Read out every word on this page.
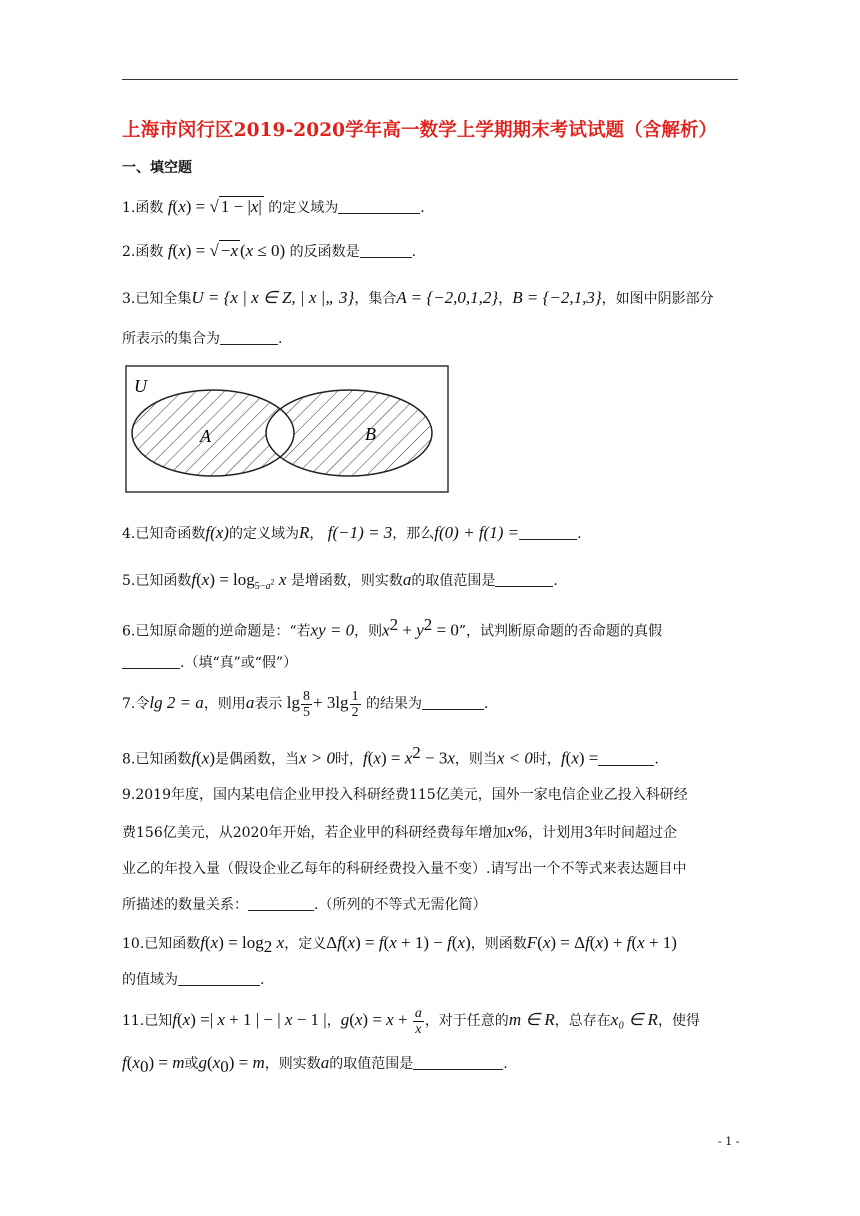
上海市闵行区2019-2020学年高一数学上学期期末考试试题（含解析）
一、填空题
1.函数 f(x) = √ 1 − |x| 的定义域为	.
2.函数 f(x) = √ −x (x ≤ 0) 的反函数是	.
3.已知全集U = {x | x ∈ Z, | x |„ 3}，集合A = {−2,0,1,2}，B = {−2,1,3}，如图中阴影部分
所表示的集合为	.
U
A	B
4.已知奇函数f(x)的定义域为R， f(−1) = 3，那么f(0) + f(1) =	.
5.已知函数$f(x) = \log_{5-a^2} x$ 是增函数，则实数a的取值范围是	.
6.已知原命题的逆命题是：“若xy = 0，则$x^2 + y^2 = 0$”，试判断原命题的否命题的真假
.（填“真”或“假”）
7.令lg 2 = a，则用a表示 $\lg \frac{8}{5} + 3\lg \frac{1}{2}$ 的结果为	.
8.已知函数f(x)是偶函数，当x > 0时，$f(x) = x^2 - 3x$，则当x < 0时，f(x) =	.
9.2019年度，国内某电信企业甲投入科研经费115亿美元，国外一家电信企业乙投入科研经
费156亿美元，从2020年开始，若企业甲的科研经费每年增加x%，计划用3年时间超过企
业乙的年投入量（假设企业乙每年的科研经费投入量不变）.请写出一个不等式来表达题目中
所描述的数量关系：	.（所列的不等式无需化简）
10.已知函数$f(x) = \log_2 x$，定义Δf(x) = f(x + 1) − f(x)，则函数F(x) = Δf(x) + f(x + 1)
的值域为	.
11.已知f(x) =| x + 1 | − | x − 1 |，$g(x) = x + \frac{a}{x}$ ，对于任意的m ∈ R，总存在x₀ ∈ R，使得
$f(x_0) = m$或$g(x_0) = m$，则实数a的取值范围是	.
- 1 -
